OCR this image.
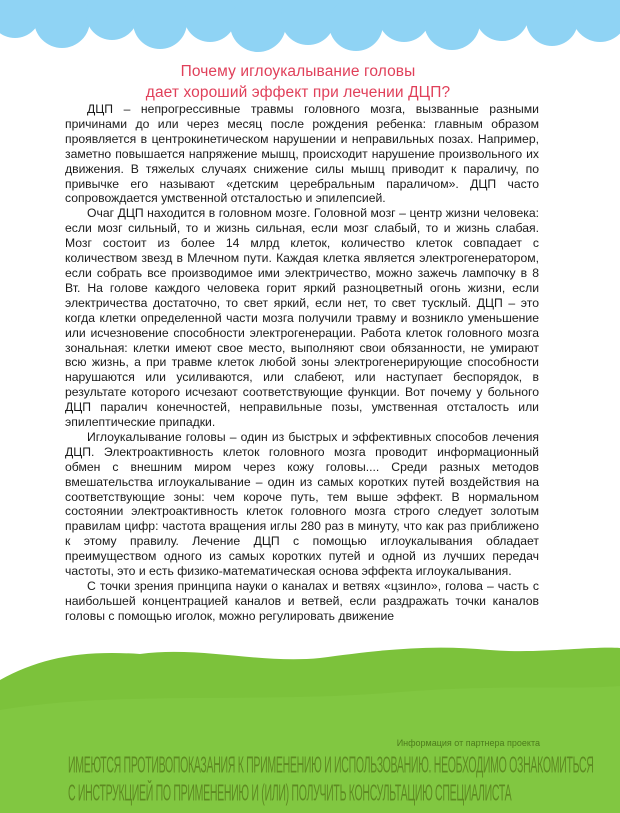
Почему иглоукалывание головы
дает хороший эффект при лечении ДЦП?

ДЦП – непрогрессивные травмы головного мозга, вызванные разными причинами до или через месяц после рождения ребенка: главным образом проявляется в центрокинетическом нарушении и неправильных позах. Например, заметно повышается напряжение мышц, происходит нарушение произвольного их движения. В тяжелых случаях снижение силы мышц приводит к параличу, по привычке его называют «детским церебральным параличом». ДЦП часто сопровождается умственной отсталостью и эпилепсией.

Очаг ДЦП находится в головном мозге. Головной мозг – центр жизни человека: если мозг сильный, то и жизнь сильная, если мозг слабый, то и жизнь слабая. Мозг состоит из более 14 млрд клеток, количество клеток совпадает с количеством звезд в Млечном пути. Каждая клетка является электрогенератором, если собрать все производимое ими электричество, можно зажечь лампочку в 8 Вт. На голове каждого человека горит яркий разноцветный огонь жизни, если электричества достаточно, то свет яркий, если нет, то свет тусклый. ДЦП – это когда клетки определенной части мозга получили травму и возникло уменьшение или исчезновение способности электрогенерации. Работа клеток головного мозга зональная: клетки имеют свое место, выполняют свои обязанности, не умирают всю жизнь, а при травме клеток любой зоны электрогенерирующие способности нарушаются или усиливаются, или слабеют, или наступает беспорядок, в результате которого исчезают соответствующие функции. Вот почему у больного ДЦП паралич конечностей, неправильные позы, умственная отсталость или эпилептические припадки.

Иглоукалывание головы – один из быстрых и эффективных способов лечения ДЦП. Электроактивность клеток головного мозга проводит информационный обмен с внешним миром через кожу головы.... Среди разных методов вмешательства иглоукалывание – один из самых коротких путей воздействия на соответствующие зоны: чем короче путь, тем выше эффект. В нормальном состоянии электроактивность клеток головного мозга строго следует золотым правилам цифр: частота вращения иглы 280 раз в минуту, что как раз приближено к этому правилу. Лечение ДЦП с помощью иглоукалывания обладает преимуществом одного из самых коротких путей и одной из лучших передач частоты, это и есть физико-математическая основа эффекта иглоукалывания.

С точки зрения принципа науки о каналах и ветвях «цзинло», голова – часть с наибольшей концентрацией каналов и ветвей, если раздражать точки каналов головы с помощью иголок, можно регулировать движение

Информация от партнера проекта
ИМЕЮТСЯ ПРОТИВОПОКАЗАНИЯ К ПРИМЕНЕНИЮ И ИСПОЛЬЗОВАНИЮ. НЕОБХОДИМО ОЗНАКОМИТЬСЯ
С ИНСТРУКЦИЕЙ ПО ПРИМЕНЕНИЮ И (ИЛИ) ПОЛУЧИТЬ КОНСУЛЬТАЦИЮ СПЕЦИАЛИСТА
